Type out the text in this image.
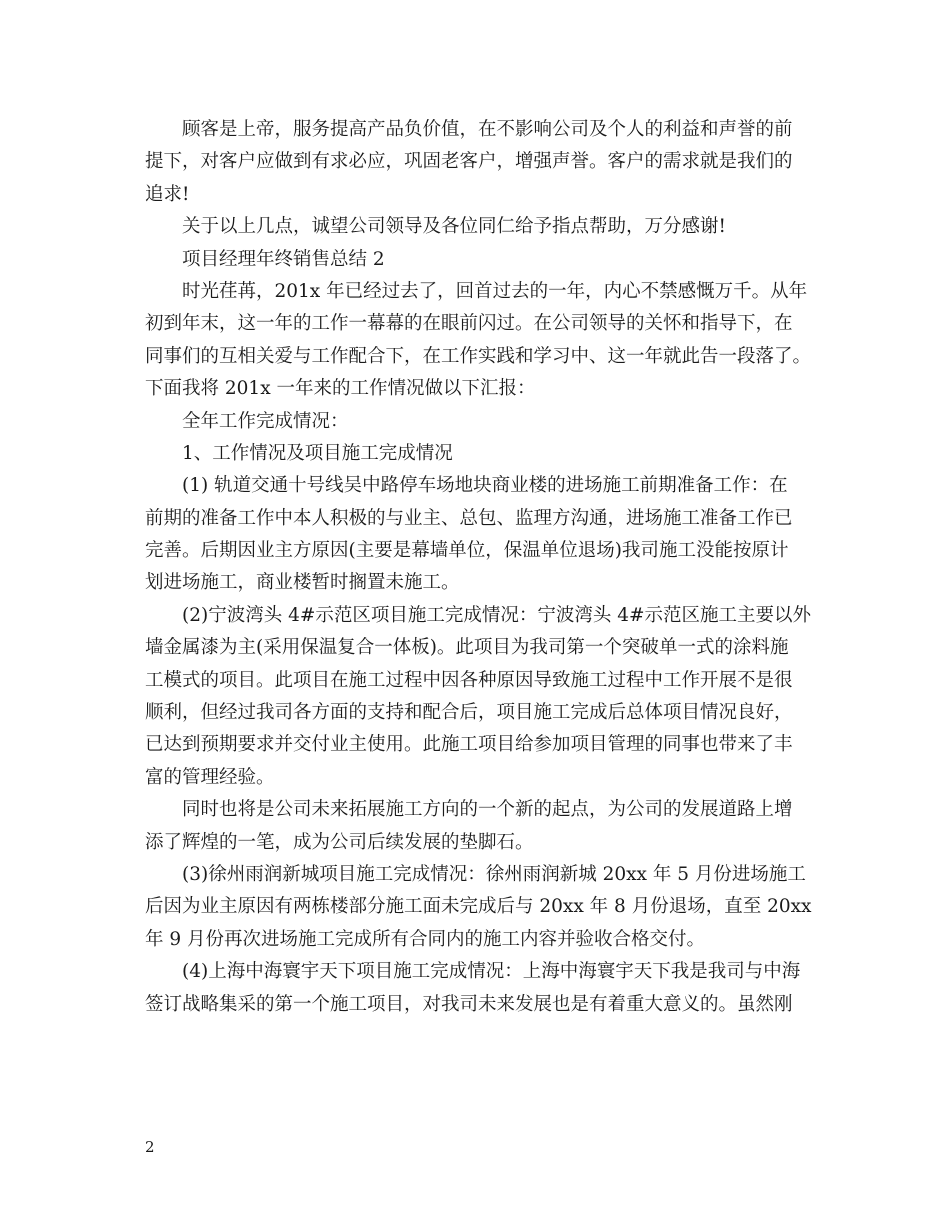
顾客是上帝，服务提高产品负价值，在不影响公司及个人的利益和声誉的前
提下，对客户应做到有求必应，巩固老客户，增强声誉。客户的需求就是我们的
追求!
关于以上几点，诚望公司领导及各位同仁给予指点帮助，万分感谢!
项目经理年终销售总结 2
时光荏苒，201x 年已经过去了，回首过去的一年，内心不禁感慨万千。从年
初到年末，这一年的工作一幕幕的在眼前闪过。在公司领导的关怀和指导下，在
同事们的互相关爱与工作配合下，在工作实践和学习中、这一年就此告一段落了。
下面我将 201x 一年来的工作情况做以下汇报：
全年工作完成情况：
1、工作情况及项目施工完成情况
(1) 轨道交通十号线吴中路停车场地块商业楼的进场施工前期准备工作：在
前期的准备工作中本人积极的与业主、总包、监理方沟通，进场施工准备工作已
完善。后期因业主方原因(主要是幕墙单位，保温单位退场)我司施工没能按原计
划进场施工，商业楼暂时搁置未施工。
(2)宁波湾头 4#示范区项目施工完成情况：宁波湾头 4#示范区施工主要以外
墙金属漆为主(采用保温复合一体板)。此项目为我司第一个突破单一式的涂料施
工模式的项目。此项目在施工过程中因各种原因导致施工过程中工作开展不是很
顺利，但经过我司各方面的支持和配合后，项目施工完成后总体项目情况良好，
已达到预期要求并交付业主使用。此施工项目给参加项目管理的同事也带来了丰
富的管理经验。
同时也将是公司未来拓展施工方向的一个新的起点，为公司的发展道路上增
添了辉煌的一笔，成为公司后续发展的垫脚石。
(3)徐州雨润新城项目施工完成情况：徐州雨润新城 20xx 年 5 月份进场施工
后因为业主原因有两栋楼部分施工面未完成后与 20xx 年 8 月份退场，直至 20xx
年 9 月份再次进场施工完成所有合同内的施工内容并验收合格交付。
(4)上海中海寰宇天下项目施工完成情况：上海中海寰宇天下我是我司与中海
签订战略集采的第一个施工项目，对我司未来发展也是有着重大意义的。虽然刚
2
